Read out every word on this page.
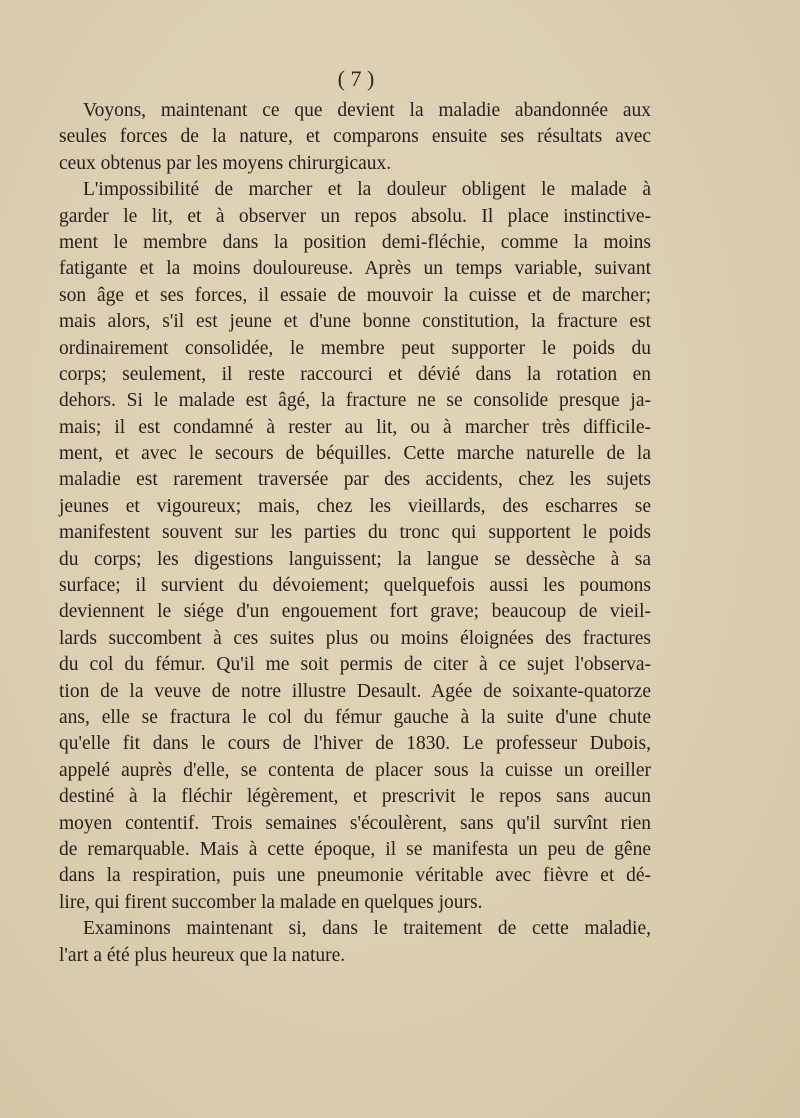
( 7 )
Voyons, maintenant ce que devient la maladie abandonnée aux
seules forces de la nature, et comparons ensuite ses résultats avec
ceux obtenus par les moyens chirurgicaux.
L'impossibilité de marcher et la douleur obligent le malade à
garder le lit, et à observer un repos absolu. Il place instinctive-
ment le membre dans la position demi-fléchie, comme la moins
fatigante et la moins douloureuse. Après un temps variable, suivant
son âge et ses forces, il essaie de mouvoir la cuisse et de marcher;
mais alors, s'il est jeune et d'une bonne constitution, la fracture est
ordinairement consolidée, le membre peut supporter le poids du
corps; seulement, il reste raccourci et dévié dans la rotation en
dehors. Si le malade est âgé, la fracture ne se consolide presque ja-
mais; il est condamné à rester au lit, ou à marcher très difficile-
ment, et avec le secours de béquilles. Cette marche naturelle de la
maladie est rarement traversée par des accidents, chez les sujets
jeunes et vigoureux; mais, chez les vieillards, des escharres se
manifestent souvent sur les parties du tronc qui supportent le poids
du corps; les digestions languissent; la langue se dessèche à sa
surface; il survient du dévoiement; quelquefois aussi les poumons
deviennent le siége d'un engouement fort grave; beaucoup de vieil-
lards succombent à ces suites plus ou moins éloignées des fractures
du col du fémur. Qu'il me soit permis de citer à ce sujet l'observa-
tion de la veuve de notre illustre Desault. Agée de soixante-quatorze
ans, elle se fractura le col du fémur gauche à la suite d'une chute
qu'elle fit dans le cours de l'hiver de 1830. Le professeur Dubois,
appelé auprès d'elle, se contenta de placer sous la cuisse un oreiller
destiné à la fléchir légèrement, et prescrivit le repos sans aucun
moyen contentif. Trois semaines s'écoulèrent, sans qu'il survînt rien
de remarquable. Mais à cette époque, il se manifesta un peu de gêne
dans la respiration, puis une pneumonie véritable avec fièvre et dé-
lire, qui firent succomber la malade en quelques jours.
Examinons maintenant si, dans le traitement de cette maladie,
l'art a été plus heureux que la nature.
